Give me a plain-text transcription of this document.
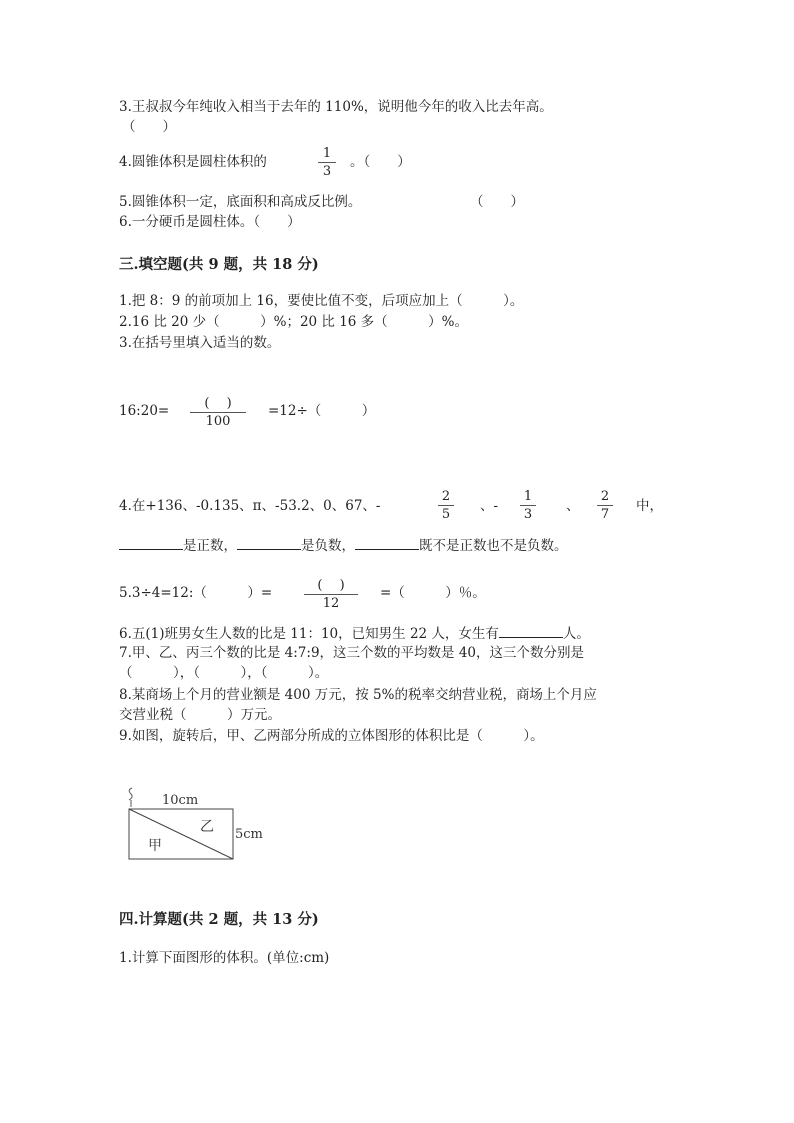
3.王叔叔今年纯收入相当于去年的 110%，说明他今年的收入比去年高。
（　　）
4.圆锥体积是圆柱体积的
1
3
。（　　）
5.圆锥体积一定，底面积和高成反比例。	（　　）
6.一分硬币是圆柱体。（　　）
三.填空题(共 9 题，共 18 分)
1.把 8：9 的前项加上 16，要使比值不变，后项应加上（　　　）。
2.16 比 20 少（　　　）%；20 比 16 多（　　　）%。
3.在括号里填入适当的数。
16:20=	(　 )
100
=12÷（　　　）
4.在+136、-0.135、π、-53.2、0、67、-
2
5
、-
1
3
、
2
7
中，
是正数，	是负数，	既不是正数也不是负数。
5.3÷4=12:（　　　）=	(　 )
12
=（　　　）％。
6.五(1)班男女生人数的比是 11：10，已知男生 22 人，女生有	人。
7.甲、乙、丙三个数的比是 4:7:9，这三个数的平均数是 40，这三个数分别是
（　　　），（　　　），（　　　）。
8.某商场上个月的营业额是 400 万元，按 5%的税率交纳营业税，商场上个月应
交营业税（　　　）万元。
9.如图，旋转后，甲、乙两部分所成的立体图形的体积比是（　　　）。
10cm
5cm
甲
乙
四.计算题(共 2 题，共 13 分)
1.计算下面图形的体积。(单位:cm)
